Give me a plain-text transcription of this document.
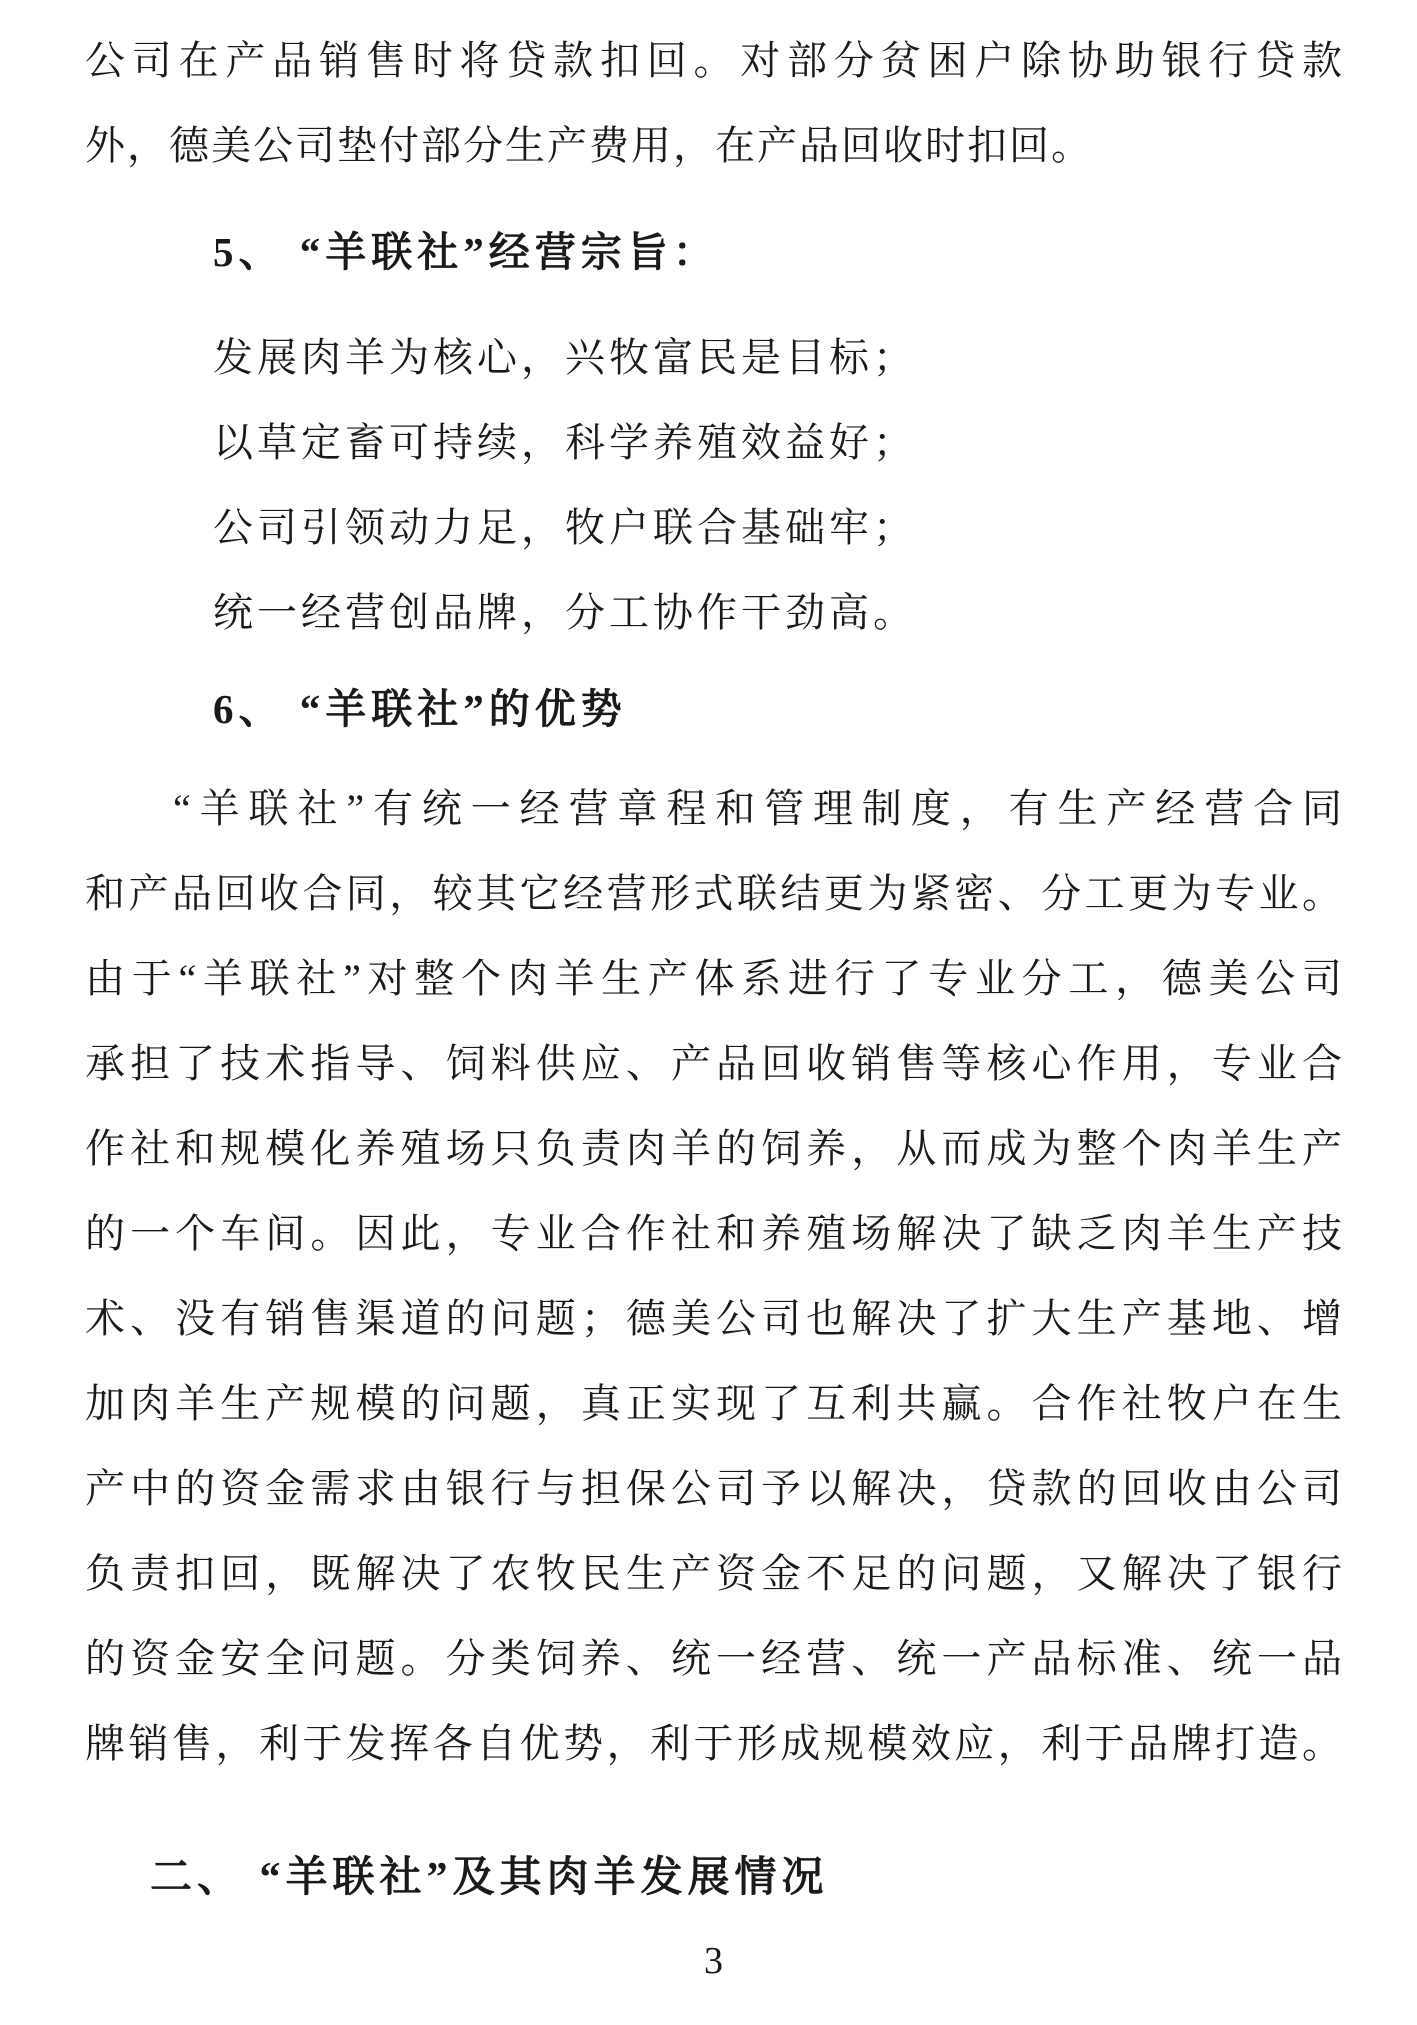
公司在产品销售时将贷款扣回。对部分贫困户除协助银行贷款
外，德美公司垫付部分生产费用，在产品回收时扣回。
5、 “羊联社”经营宗旨：
发展肉羊为核心，兴牧富民是目标；
以草定畜可持续，科学养殖效益好；
公司引领动力足，牧户联合基础牢；
统一经营创品牌，分工协作干劲高。
6、 “羊联社”的优势
“羊联社”有统一经营章程和管理制度，有生产经营合同
和产品回收合同，较其它经营形式联结更为紧密、分工更为专业。
由于“羊联社”对整个肉羊生产体系进行了专业分工，德美公司
承担了技术指导、饲料供应、产品回收销售等核心作用，专业合
作社和规模化养殖场只负责肉羊的饲养，从而成为整个肉羊生产
的一个车间。因此，专业合作社和养殖场解决了缺乏肉羊生产技
术、没有销售渠道的问题；德美公司也解决了扩大生产基地、增
加肉羊生产规模的问题，真正实现了互利共赢。合作社牧户在生
产中的资金需求由银行与担保公司予以解决，贷款的回收由公司
负责扣回，既解决了农牧民生产资金不足的问题，又解决了银行
的资金安全问题。分类饲养、统一经营、统一产品标准、统一品
牌销售，利于发挥各自优势，利于形成规模效应，利于品牌打造。
二、 “羊联社”及其肉羊发展情况
3
